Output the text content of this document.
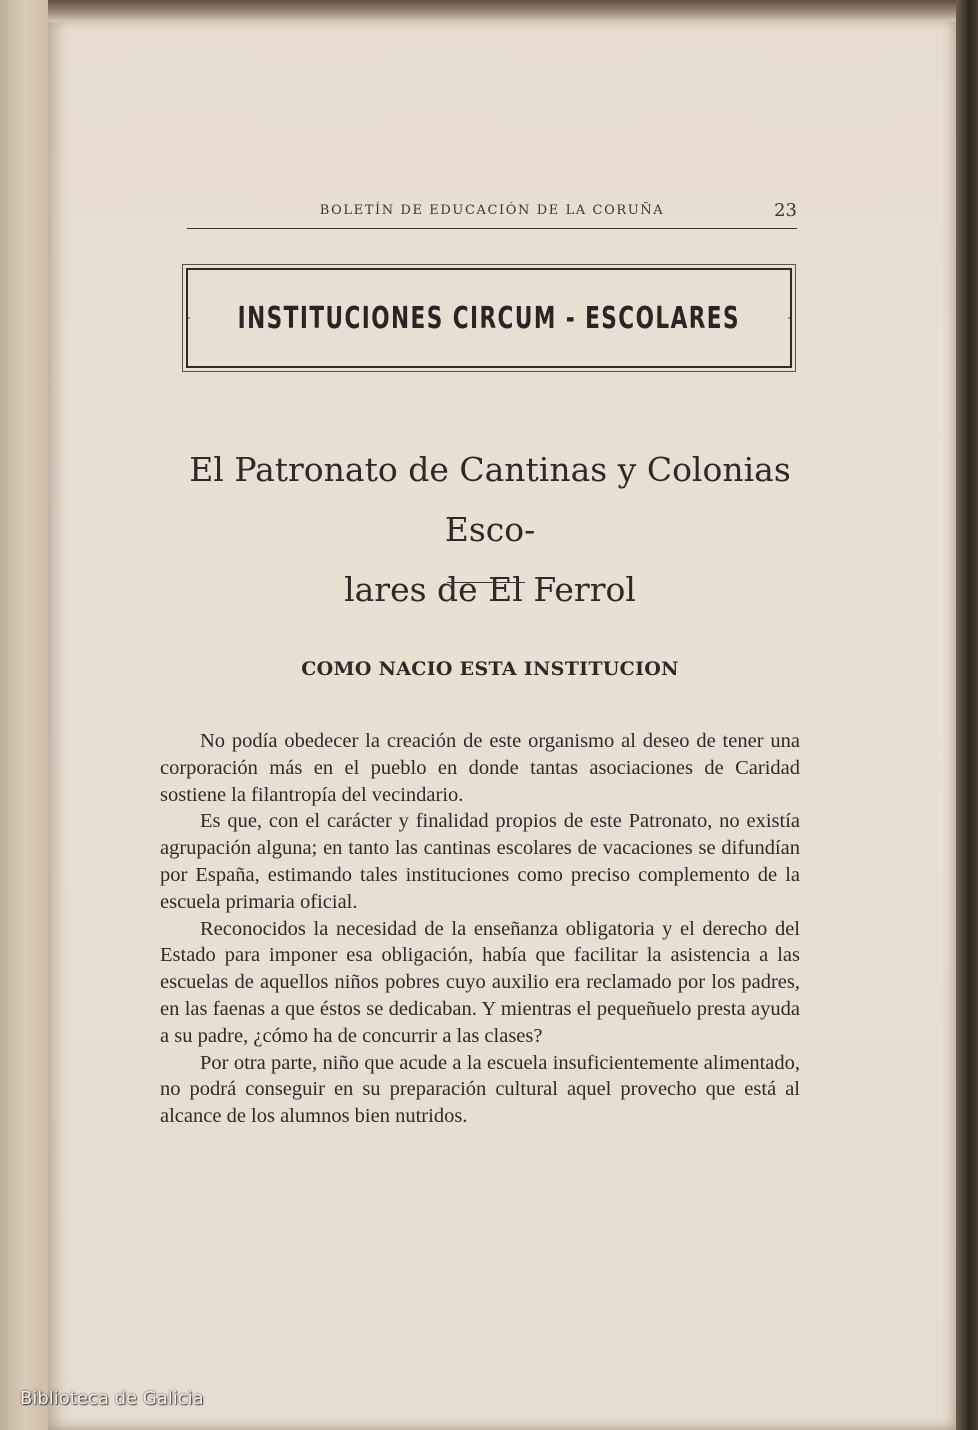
BOLETÍN DE EDUCACIÓN DE LA CORUÑA	23
INSTITUCIONES CIRCUM - ESCOLARES
El Patronato de Cantinas y Colonias Esco-
lares de El Ferrol
COMO NACIO ESTA INSTITUCION

No podía obedecer la creación de este organismo al deseo de tener una corporación más en el pueblo en donde tantas asociaciones de Caridad sostiene la filantropía del vecindario.

Es que, con el carácter y finalidad propios de este Patronato, no existía agrupación alguna; en tanto las cantinas escolares de vacaciones se difundían por España, estimando tales instituciones como preciso complemento de la escuela primaria oficial.

Reconocidos la necesidad de la enseñanza obligatoria y el derecho del Estado para imponer esa obligación, había que facilitar la asistencia a las escuelas de aquellos niños pobres cuyo auxilio era reclamado por los padres, en las faenas a que éstos se dedicaban. Y mientras el pequeñuelo presta ayuda a su padre, ¿cómo ha de concurrir a las clases?

Por otra parte, niño que acude a la escuela insuficientemente alimentado, no podrá conseguir en su preparación cultural aquel provecho que está al alcance de los alumnos bien nutridos.

Biblioteca de Galicia
